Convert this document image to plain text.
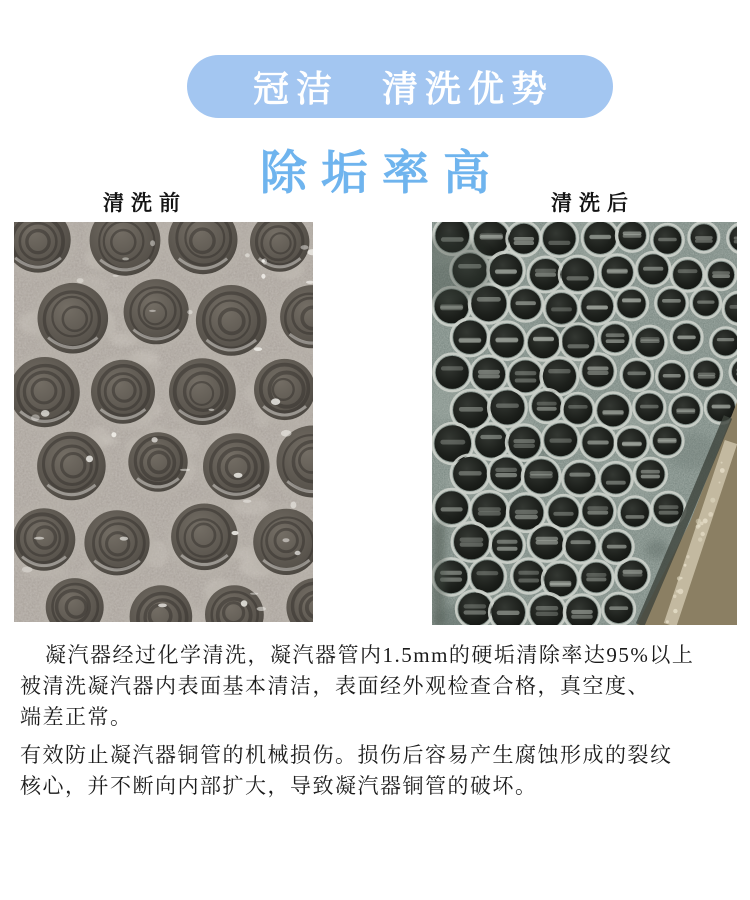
冠洁　清洗优势
除垢率高
清洗前	清洗后
凝汽器经过化学清洗，凝汽器管内1.5mm的硬垢清除率达95%以上
被清洗凝汽器内表面基本清洁，表面经外观检查合格，真空度、
端差正常。
有效防止凝汽器铜管的机械损伤。损伤后容易产生腐蚀形成的裂纹
核心，并不断向内部扩大，导致凝汽器铜管的破坏。
